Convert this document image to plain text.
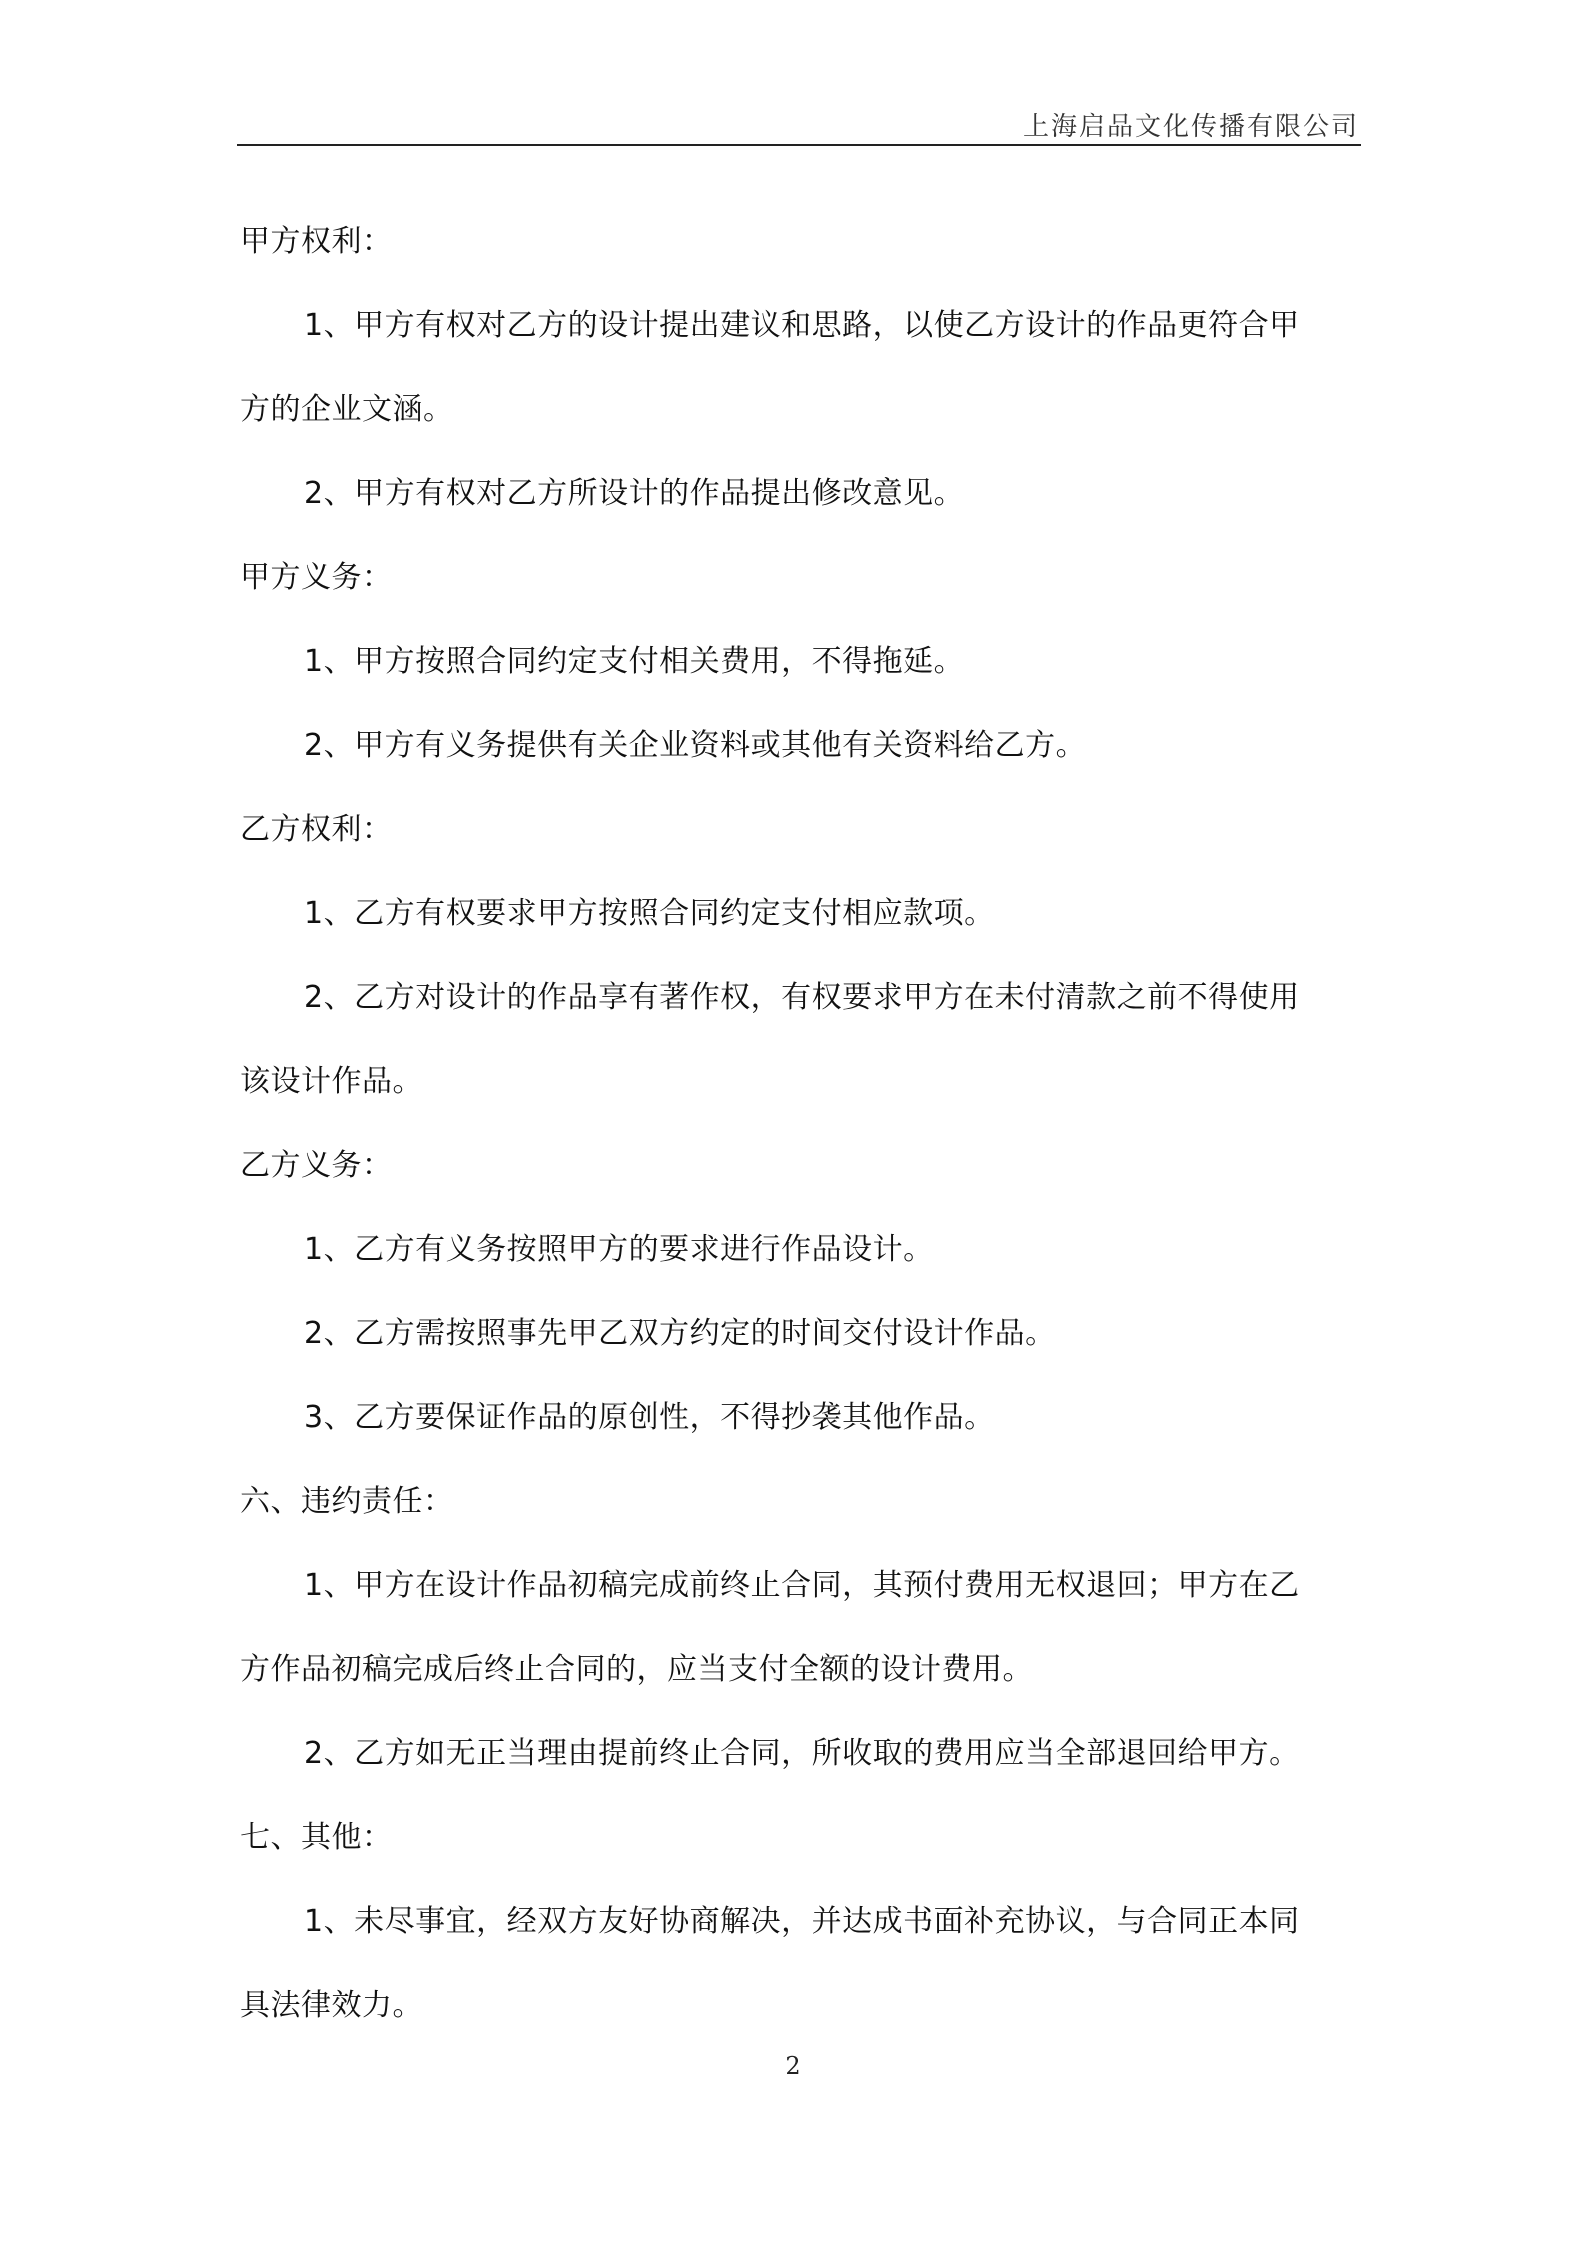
上海启品文化传播有限公司
甲方权利：
1、甲方有权对乙方的设计提出建议和思路，以使乙方设计的作品更符合甲
方的企业文涵。
2、甲方有权对乙方所设计的作品提出修改意见。
甲方义务：
1、甲方按照合同约定支付相关费用，不得拖延。
2、甲方有义务提供有关企业资料或其他有关资料给乙方。
乙方权利：
1、乙方有权要求甲方按照合同约定支付相应款项。
2、乙方对设计的作品享有著作权，有权要求甲方在未付清款之前不得使用
该设计作品。
乙方义务：
1、乙方有义务按照甲方的要求进行作品设计。
2、乙方需按照事先甲乙双方约定的时间交付设计作品。
3、乙方要保证作品的原创性，不得抄袭其他作品。
六、违约责任：
1、甲方在设计作品初稿完成前终止合同，其预付费用无权退回；甲方在乙
方作品初稿完成后终止合同的，应当支付全额的设计费用。
2、乙方如无正当理由提前终止合同，所收取的费用应当全部退回给甲方。
七、其他：
1、未尽事宜，经双方友好协商解决，并达成书面补充协议，与合同正本同
具法律效力。
2
